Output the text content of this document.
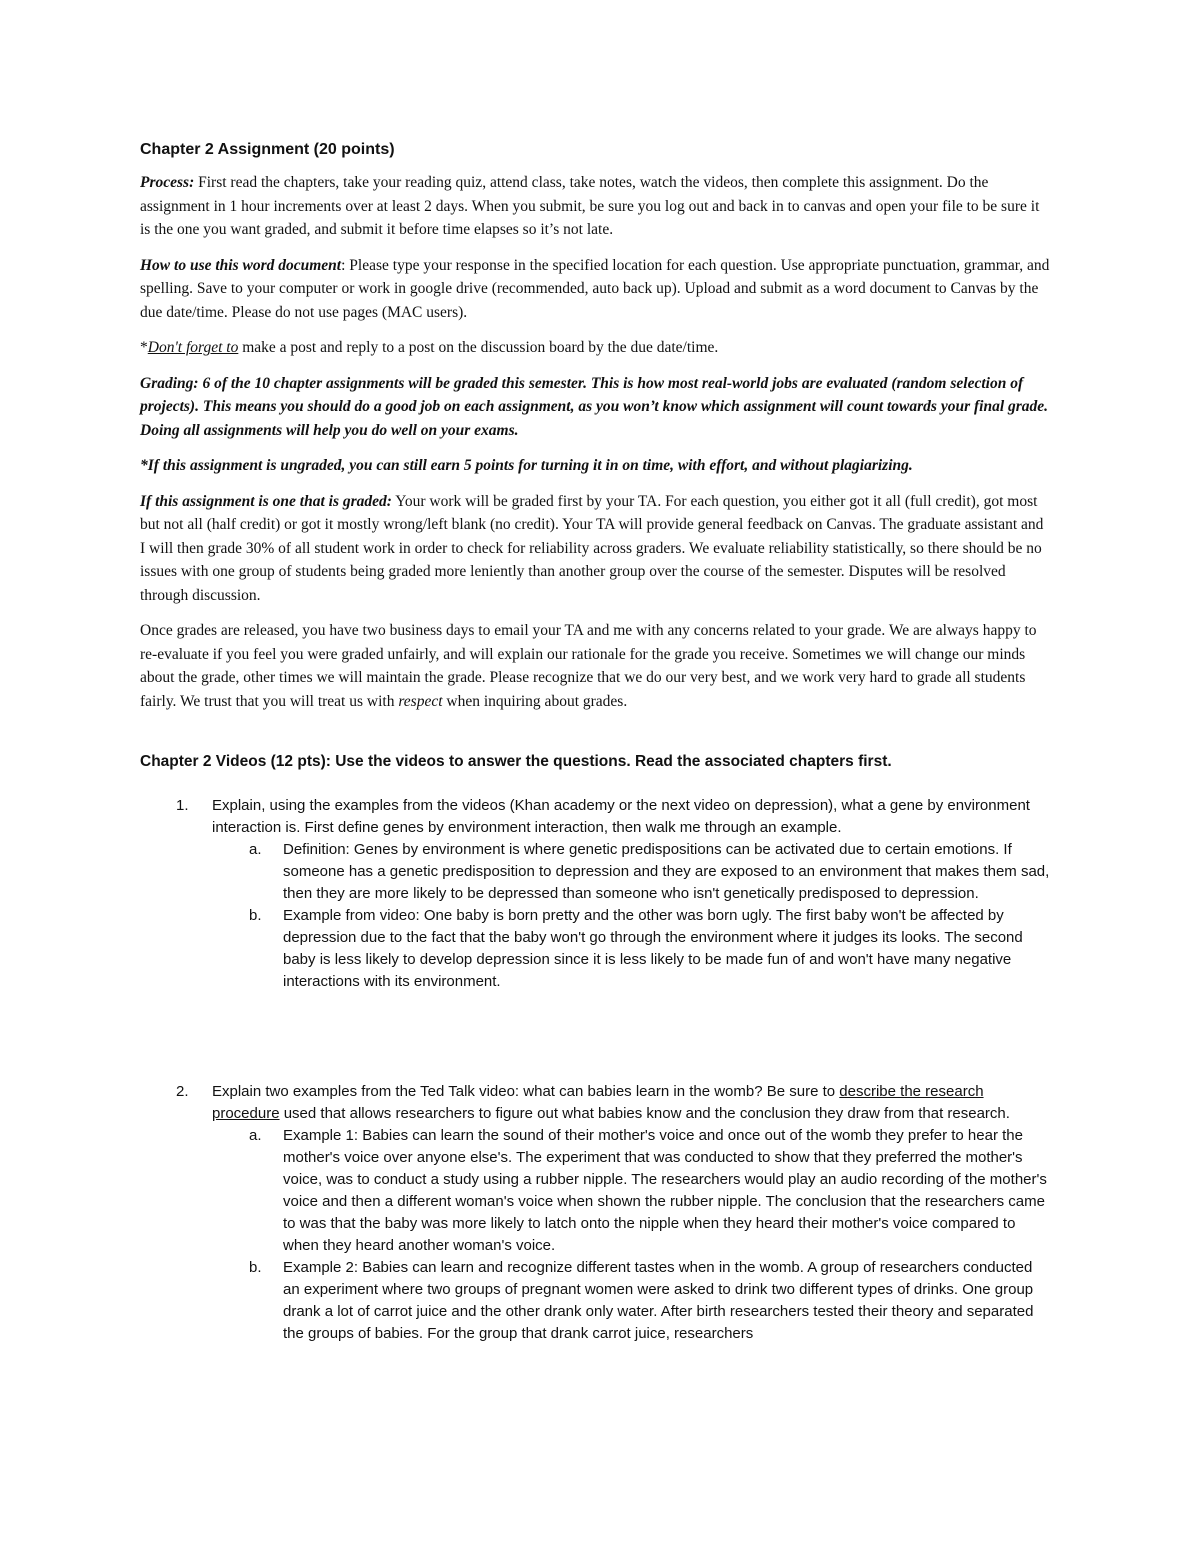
Chapter 2 Assignment (20 points)

Process: First read the chapters, take your reading quiz, attend class, take notes, watch the videos, then complete this assignment. Do the assignment in 1 hour increments over at least 2 days. When you submit, be sure you log out and back in to canvas and open your file to be sure it is the one you want graded, and submit it before time elapses so it’s not late.

How to use this word document: Please type your response in the specified location for each question. Use appropriate punctuation, grammar, and spelling. Save to your computer or work in google drive (recommended, auto back up). Upload and submit as a word document to Canvas by the due date/time. Please do not use pages (MAC users).

*Don't forget to make a post and reply to a post on the discussion board by the due date/time.

Grading: 6 of the 10 chapter assignments will be graded this semester. This is how most real-world jobs are evaluated (random selection of projects). This means you should do a good job on each assignment, as you won’t know which assignment will count towards your final grade. Doing all assignments will help you do well on your exams.

*If this assignment is ungraded, you can still earn 5 points for turning it in on time, with effort, and without plagiarizing.

If this assignment is one that is graded: Your work will be graded first by your TA. For each question, you either got it all (full credit), got most but not all (half credit) or got it mostly wrong/left blank (no credit). Your TA will provide general feedback on Canvas. The graduate assistant and I will then grade 30% of all student work in order to check for reliability across graders. We evaluate reliability statistically, so there should be no issues with one group of students being graded more leniently than another group over the course of the semester. Disputes will be resolved through discussion.

Once grades are released, you have two business days to email your TA and me with any concerns related to your grade. We are always happy to re-evaluate if you feel you were graded unfairly, and will explain our rationale for the grade you receive. Sometimes we will change our minds about the grade, other times we will maintain the grade. Please recognize that we do our very best, and we work very hard to grade all students fairly. We trust that you will treat us with respect when inquiring about grades.

Chapter 2 Videos (12 pts): Use the videos to answer the questions. Read the associated chapters first.
1. Explain, using the examples from the videos (Khan academy or the next video on depression), what a gene by environment interaction is. First define genes by environment interaction, then walk me through an example.
a. Definition: Genes by environment is where genetic predispositions can be activated due to certain emotions. If someone has a genetic predisposition to depression and they are exposed to an environment that makes them sad, then they are more likely to be depressed than someone who isn't genetically predisposed to depression.
b. Example from video: One baby is born pretty and the other was born ugly. The first baby won't be affected by depression due to the fact that the baby won't go through the environment where it judges its looks. The second baby is less likely to develop depression since it is less likely to be made fun of and won't have many negative interactions with its environment.
2. Explain two examples from the Ted Talk video: what can babies learn in the womb? Be sure to describe the research procedure used that allows researchers to figure out what babies know and the conclusion they draw from that research.
a. Example 1: Babies can learn the sound of their mother's voice and once out of the womb they prefer to hear the mother's voice over anyone else's. The experiment that was conducted to show that they preferred the mother's voice, was to conduct a study using a rubber nipple. The researchers would play an audio recording of the mother's voice and then a different woman's voice when shown the rubber nipple. The conclusion that the researchers came to was that the baby was more likely to latch onto the nipple when they heard their mother's voice compared to when they heard another woman's voice.
b. Example 2: Babies can learn and recognize different tastes when in the womb. A group of researchers conducted an experiment where two groups of pregnant women were asked to drink two different types of drinks. One group drank a lot of carrot juice and the other drank only water. After birth researchers tested their theory and separated the groups of babies. For the group that drank carrot juice, researchers
